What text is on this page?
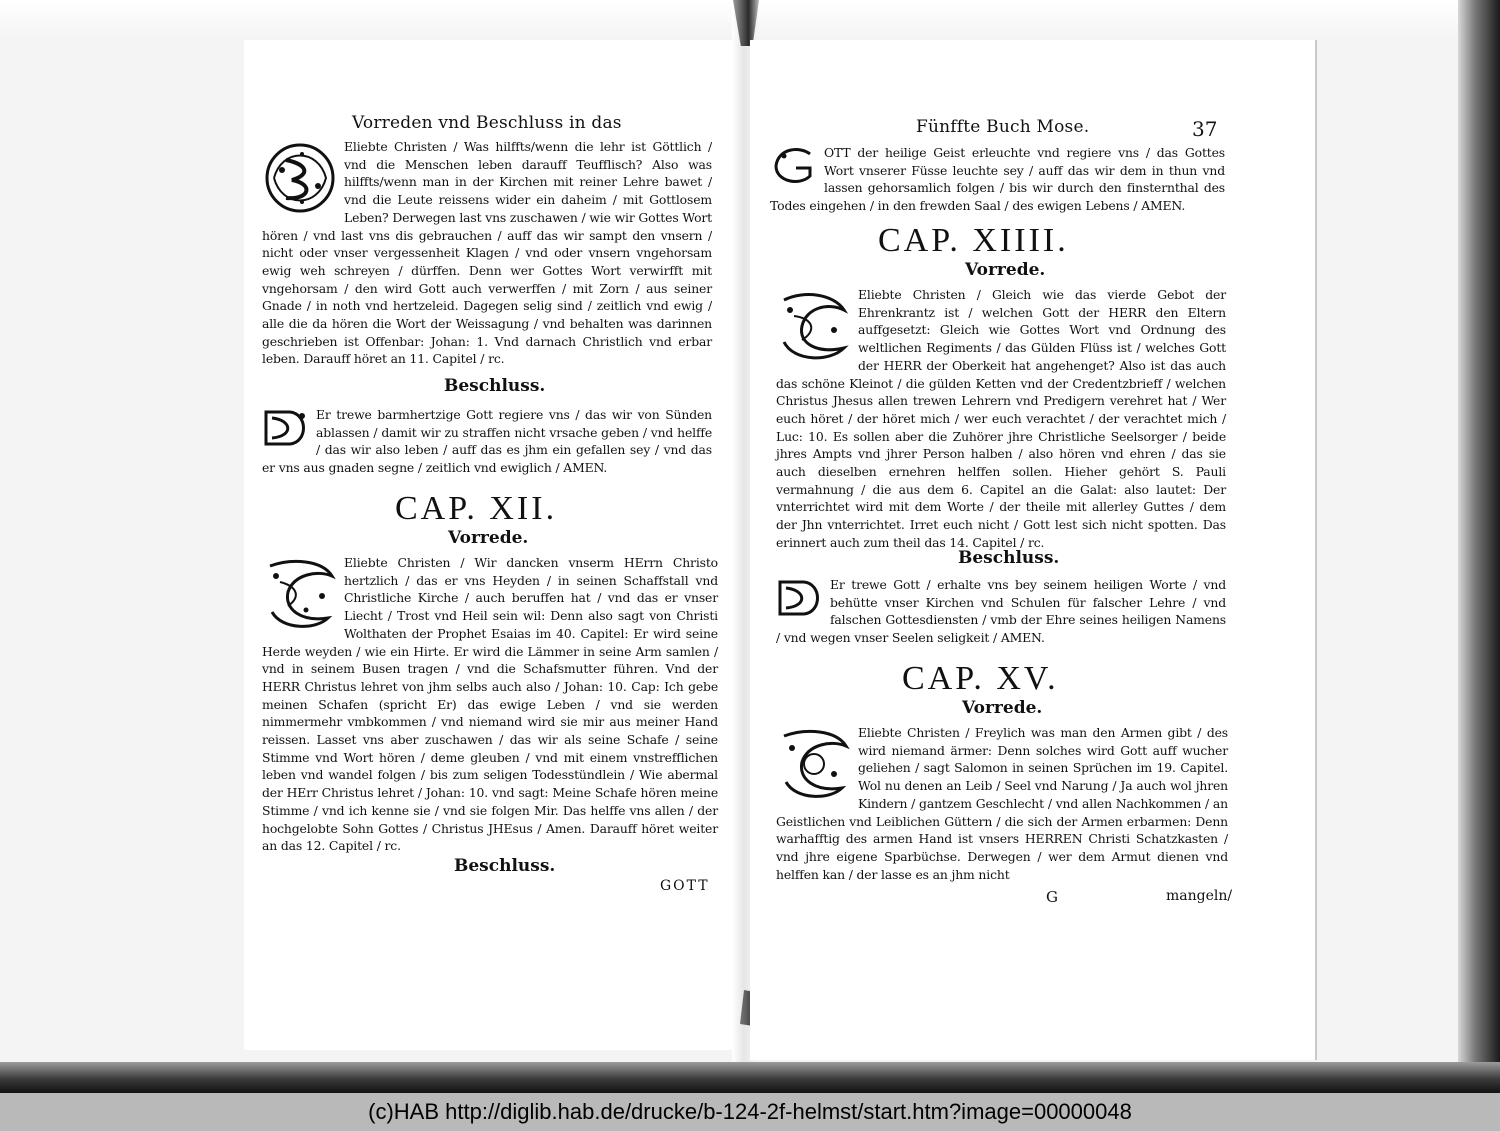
Vorreden vnd Beschluss in das
Eliebte Christen / Was hilffts/wenn die lehr ist Göttlich / vnd die Menschen leben darauff Teufflisch? Also was hilffts/wenn man in der Kirchen mit reiner Lehre bawet / vnd die Leute reissens wider ein daheim / mit Gottlosem Leben? Derwegen last vns zuschawen / wie wir Gottes Wort hören / vnd last vns dis gebrauchen / auff das wir sampt den vnsern / nicht oder vnser vergessenheit Klagen / vnd oder vnsern vngehorsam ewig weh schreyen / dürffen. Denn wer Gottes Wort verwirfft mit vngehorsam / den wird Gott auch verwerffen / mit Zorn / aus seiner Gnade / in noth vnd hertzeleid. Dagegen selig sind / zeitlich vnd ewig / alle die da hören die Wort der Weissagung / vnd behalten was darinnen geschrieben ist Offenbar: Johan: 1. Vnd darnach Christlich vnd erbar leben. Darauff höret an 11. Capitel / rc.
Beschluss.
Er trewe barmhertzige Gott regiere vns / das wir von Sünden ablassen / damit wir zu straffen nicht vrsache geben / vnd helffe / das wir also leben / auff das es jhm ein gefallen sey / vnd das er vns aus gnaden segne / zeitlich vnd ewiglich / AMEN.
CAP. XII.
Vorrede.
Eliebte Christen / Wir dancken vnserm HErrn Christo hertzlich / das er vns Heyden / in seinen Schaffstall vnd Christliche Kirche / auch beruffen hat / vnd das er vnser Liecht / Trost vnd Heil sein wil: Denn also sagt von Christi Wolthaten der Prophet Esaias im 40. Capitel: Er wird seine Herde weyden / wie ein Hirte. Er wird die Lämmer in seine Arm samlen / vnd in seinem Busen tragen / vnd die Schafsmutter führen. Vnd der HERR Christus lehret von jhm selbs auch also / Johan: 10. Cap: Ich gebe meinen Schafen (spricht Er) das ewige Leben / vnd sie werden nimmermehr vmbkommen / vnd niemand wird sie mir aus meiner Hand reissen. Lasset vns aber zuschawen / das wir als seine Schafe / seine Stimme vnd Wort hören / deme gleuben / vnd mit einem vnstrefflichen leben vnd wandel folgen / bis zum seligen Todesstündlein / Wie abermal der HErr Christus lehret / Johan: 10. vnd sagt: Meine Schafe hören meine Stimme / vnd ich kenne sie / vnd sie folgen Mir. Das helffe vns allen / der hochgelobte Sohn Gottes / Christus JHEsus / Amen. Darauff höret weiter an das 12. Capitel / rc.
Beschluss.
GOTT
Fünffte Buch Mose.	37
OTT der heilige Geist erleuchte vnd regiere vns / das Gottes Wort vnserer Füsse leuchte sey / auff das wir dem in thun vnd lassen gehorsamlich folgen / bis wir durch den finsternthal des Todes eingehen / in den frewden Saal / des ewigen Lebens / AMEN.
CAP. XIIII.
Vorrede.
Eliebte Christen / Gleich wie das vierde Gebot der Ehrenkrantz ist / welchen Gott der HERR den Eltern auffgesetzt: Gleich wie Gottes Wort vnd Ordnung des weltlichen Regiments / das Gülden Flüss ist / welches Gott der HERR der Oberkeit hat angehenget? Also ist das auch das schöne Kleinot / die gülden Ketten vnd der Credentzbrieff / welchen Christus Jhesus allen trewen Lehrern vnd Predigern verehret hat / Wer euch höret / der höret mich / wer euch verachtet / der verachtet mich / Luc: 10. Es sollen aber die Zuhörer jhre Christliche Seelsorger / beide jhres Ampts vnd jhrer Person halben / also hören vnd ehren / das sie auch dieselben ernehren helffen sollen. Hieher gehört S. Pauli vermahnung / die aus dem 6. Capitel an die Galat: also lautet: Der vnterrichtet wird mit dem Worte / der theile mit allerley Guttes / dem der Jhn vnterrichtet. Irret euch nicht / Gott lest sich nicht spotten. Das erinnert auch zum theil das 14. Capitel / rc.
Beschluss.
Er trewe Gott / erhalte vns bey seinem heiligen Worte / vnd behütte vnser Kirchen vnd Schulen für falscher Lehre / vnd falschen Gottesdiensten / vmb der Ehre seines heiligen Namens / vnd wegen vnser Seelen seligkeit / AMEN.
CAP. XV.
Vorrede.
Eliebte Christen / Freylich was man den Armen gibt / des wird niemand ärmer: Denn solches wird Gott auff wucher geliehen / sagt Salomon in seinen Sprüchen im 19. Capitel. Wol nu denen an Leib / Seel vnd Narung / Ja auch wol jhren Kindern / gantzem Geschlecht / vnd allen Nachkommen / an Geistlichen vnd Leiblichen Güttern / die sich der Armen erbarmen: Denn warhafftig des armen Hand ist vnsers HERREN Christi Schatzkasten / vnd jhre eigene Sparbüchse. Derwegen / wer dem Armut dienen vnd helffen kan / der lasse es an jhm nicht
G	mangeln/
(c)HAB http://diglib.hab.de/drucke/b-124-2f-helmst/start.htm?image=00000048
